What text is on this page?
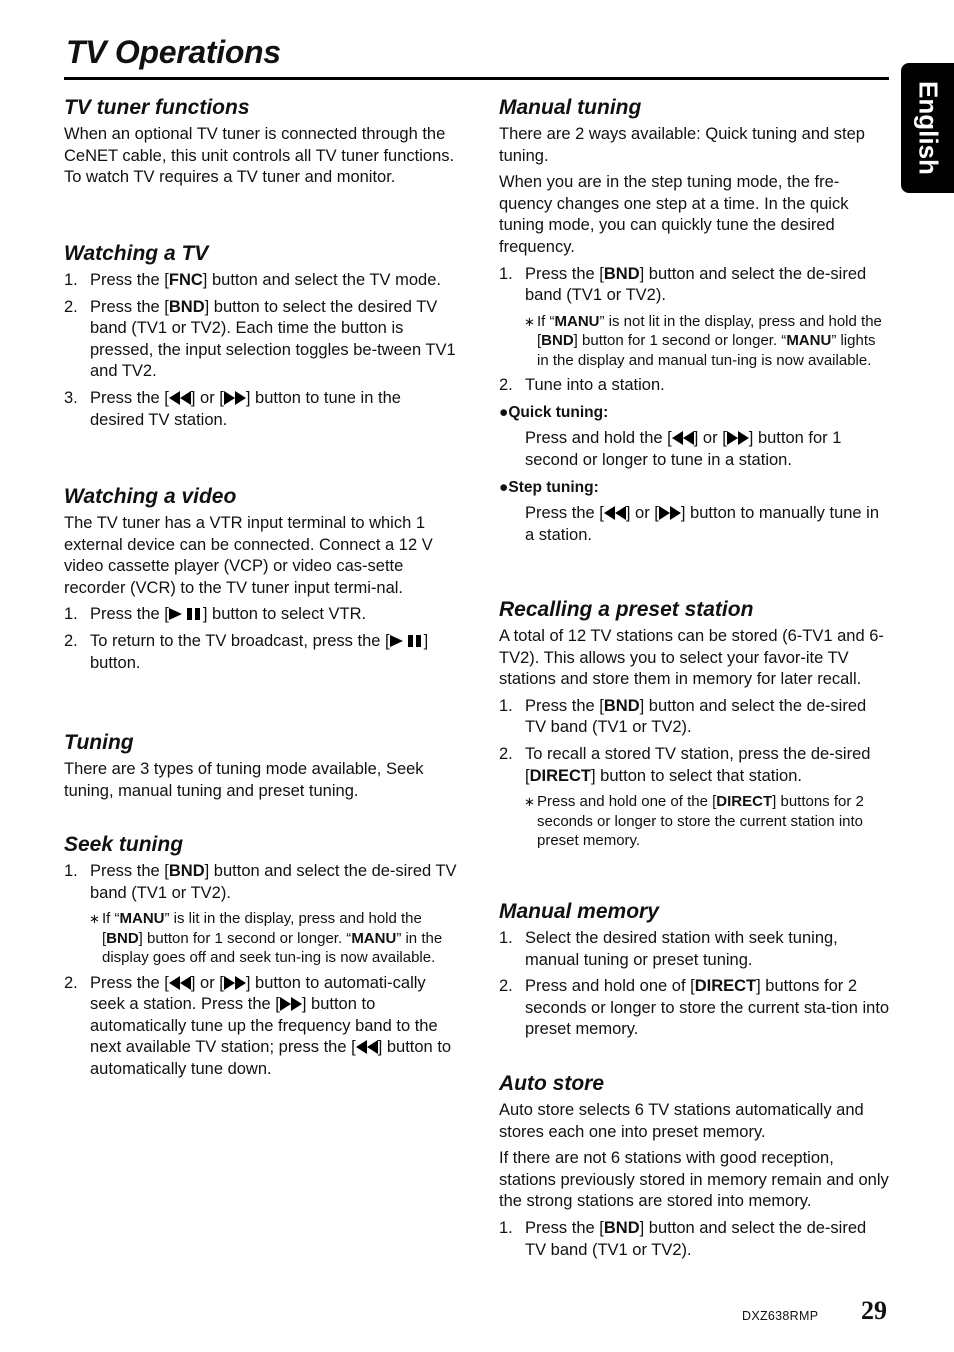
TV Operations
English
TV tuner functions

When an optional TV tuner is connected through the CeNET cable, this unit controls all TV tuner functions. To watch TV requires a TV tuner and monitor.

Watching a TV
1. Press the [FNC] button and select the TV mode.
2. Press the [BND] button to select the desired TV band (TV1 or TV2). Each time the button is pressed, the input selection toggles be-tween TV1 and TV2.
3. Press the [ ] or [ ] button to tune in the desired TV station.
Watching a video

The TV tuner has a VTR input terminal to which 1 external device can be connected. Connect a 12 V video cassette player (VCP) or video cas-sette recorder (VCR) to the TV tuner input termi-nal.

1. Press the [ ] button to select VTR.
2. To return to the TV broadcast, press the [ ] button.
Tuning

There are 3 types of tuning mode available, Seek tuning, manual tuning and preset tuning.

Seek tuning
1. Press the [BND] button and select the de-sired TV band (TV1 or TV2).
∗ If “MANU” is lit in the display, press and hold the [BND] button for 1 second or longer. “MANU” in the display goes off and seek tun-ing is now available.
2. Press the [ ] or [ ] button to automati-cally seek a station. Press the [ ] button to automatically tune up the frequency band to the next available TV station; press the [ ] button to automatically tune down.
Manual tuning

There are 2 ways available: Quick tuning and step tuning.

When you are in the step tuning mode, the fre-quency changes one step at a time. In the quick tuning mode, you can quickly tune the desired frequency.

1. Press the [BND] button and select the de-sired band (TV1 or TV2).
∗ If “MANU” is not lit in the display, press and hold the [BND] button for 1 second or longer. “MANU” lights in the display and manual tun-ing is now available.
2. Tune into a station.

●Quick tuning:

Press and hold the [ ] or [ ] button for 1 second or longer to tune in a station.

●Step tuning:

Press the [ ] or [ ] button to manually tune in a station.

Recalling a preset station

A total of 12 TV stations can be stored (6-TV1 and 6-TV2). This allows you to select your favor-ite TV stations and store them in memory for later recall.

1. Press the [BND] button and select the de-sired TV band (TV1 or TV2).
2. To recall a stored TV station, press the de-sired [DIRECT] button to select that station.
∗ Press and hold one of the [DIRECT] buttons for 2 seconds or longer to store the current station into preset memory.
Manual memory
1. Select the desired station with seek tuning, manual tuning or preset tuning.
2. Press and hold one of [DIRECT] buttons for 2 seconds or longer to store the current sta-tion into preset memory.
Auto store

Auto store selects 6 TV stations automatically and stores each one into preset memory.

If there are not 6 stations with good reception, stations previously stored in memory remain and only the strong stations are stored into memory.

1. Press the [BND] button and select the de-sired TV band (TV1 or TV2).
DXZ638RMP 29
